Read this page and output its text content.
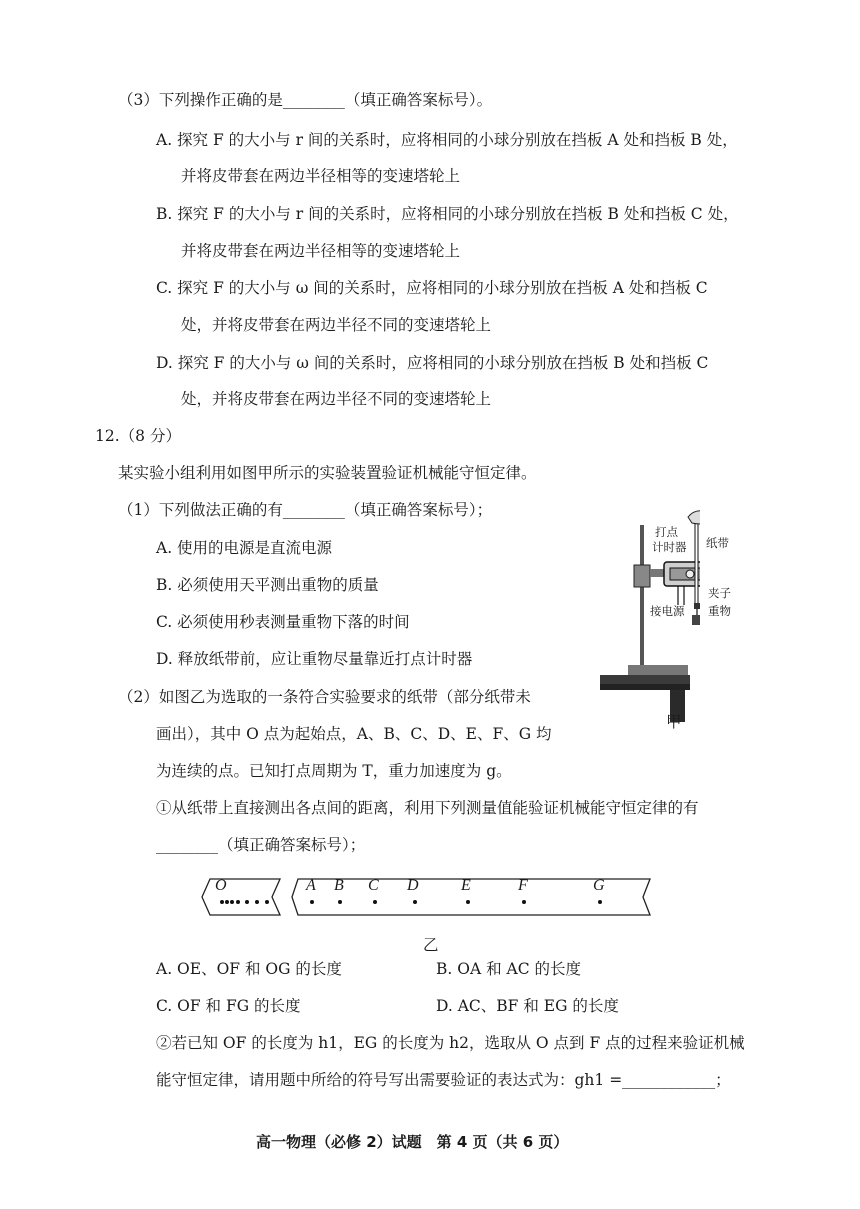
（3）下列操作正确的是________（填正确答案标号）。
A. 探究 F 的大小与 r 间的关系时，应将相同的小球分别放在挡板 A 处和挡板 B 处，
并将皮带套在两边半径相等的变速塔轮上
B. 探究 F 的大小与 r 间的关系时，应将相同的小球分别放在挡板 B 处和挡板 C 处，
并将皮带套在两边半径相等的变速塔轮上
C. 探究 F 的大小与 ω 间的关系时，应将相同的小球分别放在挡板 A 处和挡板 C
处，并将皮带套在两边半径不同的变速塔轮上
D. 探究 F 的大小与 ω 间的关系时，应将相同的小球分别放在挡板 B 处和挡板 C
处，并将皮带套在两边半径不同的变速塔轮上
12.（8 分）
某实验小组利用如图甲所示的实验装置验证机械能守恒定律。
（1）下列做法正确的有________（填正确答案标号）；
A. 使用的电源是直流电源
B. 必须使用天平测出重物的质量
C. 必须使用秒表测量重物下落的时间
D. 释放纸带前，应让重物尽量靠近打点计时器
（2）如图乙为选取的一条符合实验要求的纸带（部分纸带未
画出），其中 O 点为起始点，A、B、C、D、E、F、G 均
为连续的点。已知打点周期为 T，重力加速度为 g。
①从纸带上直接测出各点间的距离，利用下列测量值能验证机械能守恒定律的有
________（填正确答案标号）；
打点
计时器 纸带
夹子
接电源 重物
甲
O	A B C D	E	F	G
乙
A. OE、OF 和 OG 的长度	B. OA 和 AC 的长度
C. OF 和 FG 的长度	D. AC、BF 和 EG 的长度
②若已知 OF 的长度为 h1，EG 的长度为 h2，选取从 O 点到 F 点的过程来验证机械
能守恒定律，请用题中所给的符号写出需要验证的表达式为：gh1 =____________；
高一物理（必修 2）试题　第 4 页（共 6 页）
